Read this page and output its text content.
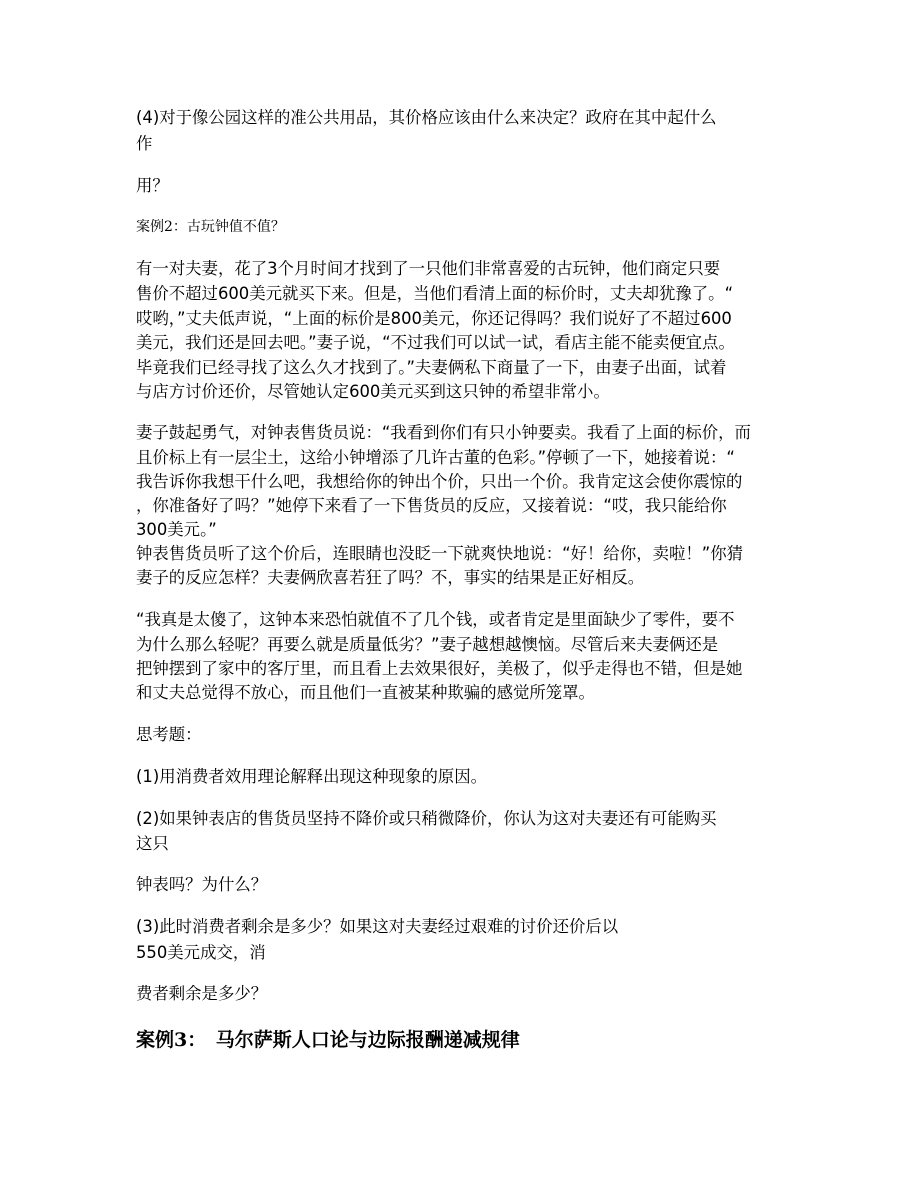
(4)对于像公园这样的准公共用品，其价格应该由什么来决定？政府在其中起什么
作
用？
案例2：古玩钟值不值？
有一对夫妻，花了3个月时间才找到了一只他们非常喜爱的古玩钟，他们商定只要
售价不超过600美元就买下来。但是，当他们看清上面的标价时，丈夫却犹豫了。“
哎哟，”丈夫低声说，“上面的标价是800美元，你还记得吗？我们说好了不超过600
美元，我们还是回去吧。”妻子说，“不过我们可以试一试，看店主能不能卖便宜点。
毕竟我们已经寻找了这么久才找到了。”夫妻俩私下商量了一下，由妻子出面，试着
与店方讨价还价，尽管她认定600美元买到这只钟的希望非常小。
妻子鼓起勇气，对钟表售货员说：“我看到你们有只小钟要卖。我看了上面的标价，而
且价标上有一层尘土，这给小钟增添了几许古董的色彩。”停顿了一下，她接着说：“
我告诉你我想干什么吧，我想给你的钟出个价，只出一个价。我肯定这会使你震惊的
，你准备好了吗？”她停下来看了一下售货员的反应，又接着说：“哎，我只能给你
300美元。”
钟表售货员听了这个价后，连眼睛也没眨一下就爽快地说：“好！给你，卖啦！”你猜
妻子的反应怎样？夫妻俩欣喜若狂了吗？不，事实的结果是正好相反。
“我真是太傻了，这钟本来恐怕就值不了几个钱，或者肯定是里面缺少了零件，要不
为什么那么轻呢？再要么就是质量低劣？”妻子越想越懊恼。尽管后来夫妻俩还是
把钟摆到了家中的客厅里，而且看上去效果很好，美极了，似乎走得也不错，但是她
和丈夫总觉得不放心，而且他们一直被某种欺骗的感觉所笼罩。
思考题：
(1)用消费者效用理论解释出现这种现象的原因。
(2)如果钟表店的售货员坚持不降价或只稍微降价，你认为这对夫妻还有可能购买
这只
钟表吗？为什么？
(3)此时消费者剩余是多少？如果这对夫妻经过艰难的讨价还价后以
550美元成交，消
费者剩余是多少？
案例3：　马尔萨斯人口论与边际报酬递减规律
